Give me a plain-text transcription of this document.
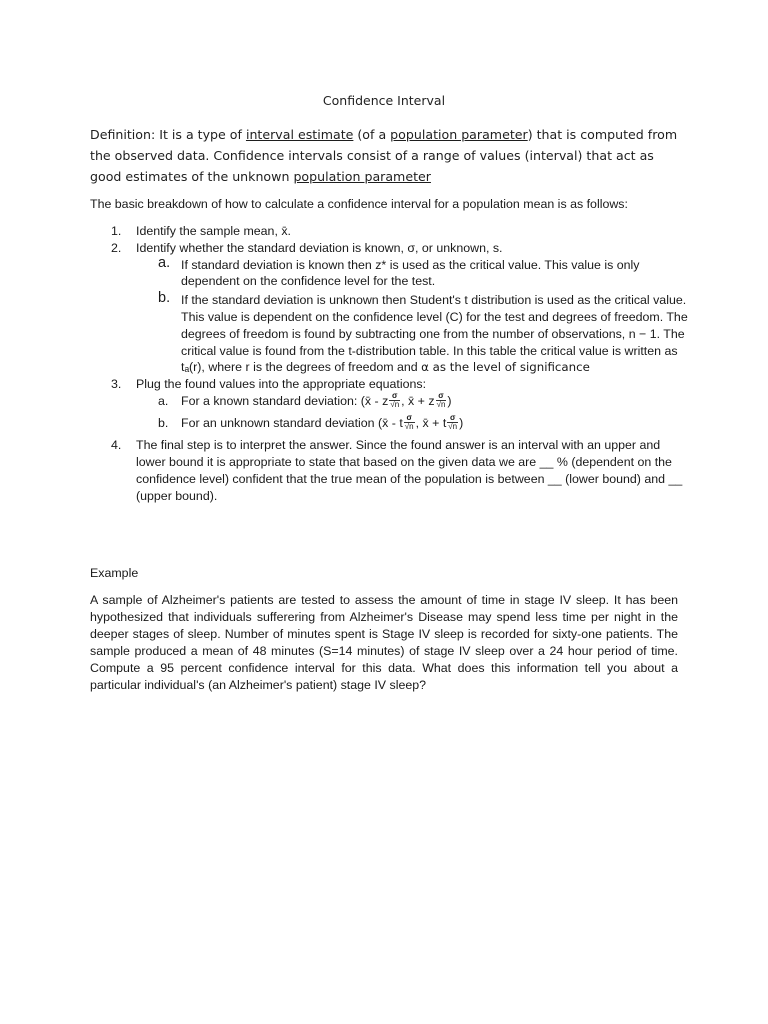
Confidence Interval
Definition: It is a type of interval estimate (of a population parameter) that is computed from the observed data. Confidence intervals consist of a range of values (interval) that act as good estimates of the unknown population parameter
The basic breakdown of how to calculate a confidence interval for a population mean is as follows:
1. Identify the sample mean, x̄.
2. Identify whether the standard deviation is known, σ, or unknown, s.
a. If standard deviation is known then z* is used as the critical value. This value is only dependent on the confidence level for the test.
b. If the standard deviation is unknown then Student's t distribution is used as the critical value. This value is dependent on the confidence level (C) for the test and degrees of freedom. The degrees of freedom is found by subtracting one from the number of observations, n − 1. The critical value is found from the t-distribution table. In this table the critical value is written as tₐ(r), where r is the degrees of freedom and α as the level of significance
3. Plug the found values into the appropriate equations:
a. For a known standard deviation: (x̄ - z $\frac{\sigma}{√n}$ , x̄ + z $\frac{\sigma}{√n}$ )
b. For an unknown standard deviation (x̄ - t $\frac{\sigma}{√n}$ , x̄ + t $\frac{\sigma}{√n}$ )
4. The final step is to interpret the answer. Since the found answer is an interval with an upper and lower bound it is appropriate to state that based on the given data we are __ % (dependent on the confidence level) confident that the true mean of the population is between __ (lower bound) and __ (upper bound).
Example
A sample of Alzheimer's patients are tested to assess the amount of time in stage IV sleep. It has been hypothesized that individuals sufferering from Alzheimer's Disease may spend less time per night in the deeper stages of sleep. Number of minutes spent is Stage IV sleep is recorded for sixty-one patients. The sample produced a mean of 48 minutes (S=14 minutes) of stage IV sleep over a 24 hour period of time. Compute a 95 percent confidence interval for this data. What does this information tell you about a particular individual's (an Alzheimer's patient) stage IV sleep?
